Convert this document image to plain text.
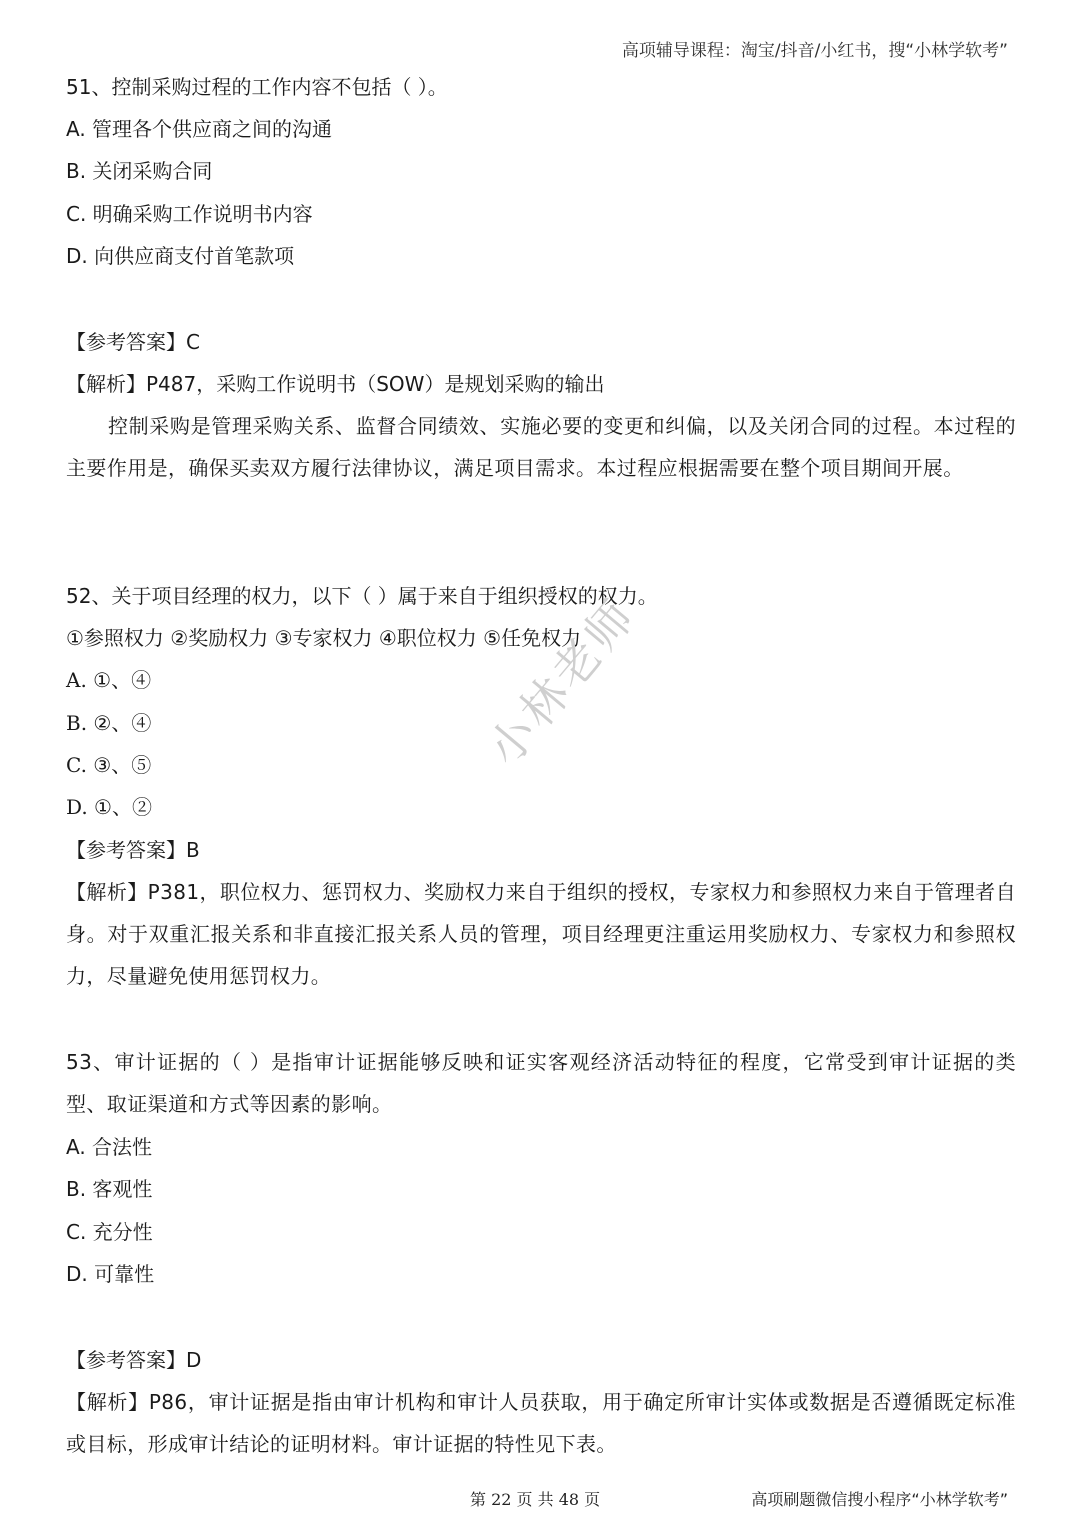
高项辅导课程：淘宝/抖音/小红书，搜“小林学软考”
51、控制采购过程的工作内容不包括（ ）。
A. 管理各个供应商之间的沟通
B. 关闭采购合同
C. 明确采购工作说明书内容
D. 向供应商支付首笔款项
【参考答案】C
【解析】P487，采购工作说明书（SOW）是规划采购的输出
控制采购是管理采购关系、监督合同绩效、实施必要的变更和纠偏，以及关闭合同的过程。本过程的主要作用是，确保买卖双方履行法律协议，满足项目需求。本过程应根据需要在整个项目期间开展。
52、关于项目经理的权力，以下（ ）属于来自于组织授权的权力。
①参照权力 ②奖励权力 ③专家权力 ④职位权力 ⑤任免权力
A. ①、④
B. ②、④
C. ③、⑤
D. ①、②
【参考答案】B
【解析】P381，职位权力、惩罚权力、奖励权力来自于组织的授权，专家权力和参照权力来自于管理者自身。对于双重汇报关系和非直接汇报关系人员的管理，项目经理更注重运用奖励权力、专家权力和参照权力，尽量避免使用惩罚权力。
小林老师
53、审计证据的（ ）是指审计证据能够反映和证实客观经济活动特征的程度，它常受到审计证据的类型、取证渠道和方式等因素的影响。
A. 合法性
B. 客观性
C. 充分性
D. 可靠性
【参考答案】D
【解析】P86，审计证据是指由审计机构和审计人员获取，用于确定所审计实体或数据是否遵循既定标准或目标，形成审计结论的证明材料。审计证据的特性见下表。
第 22 页 共 48 页	高项刷题微信搜小程序“小林学软考”
